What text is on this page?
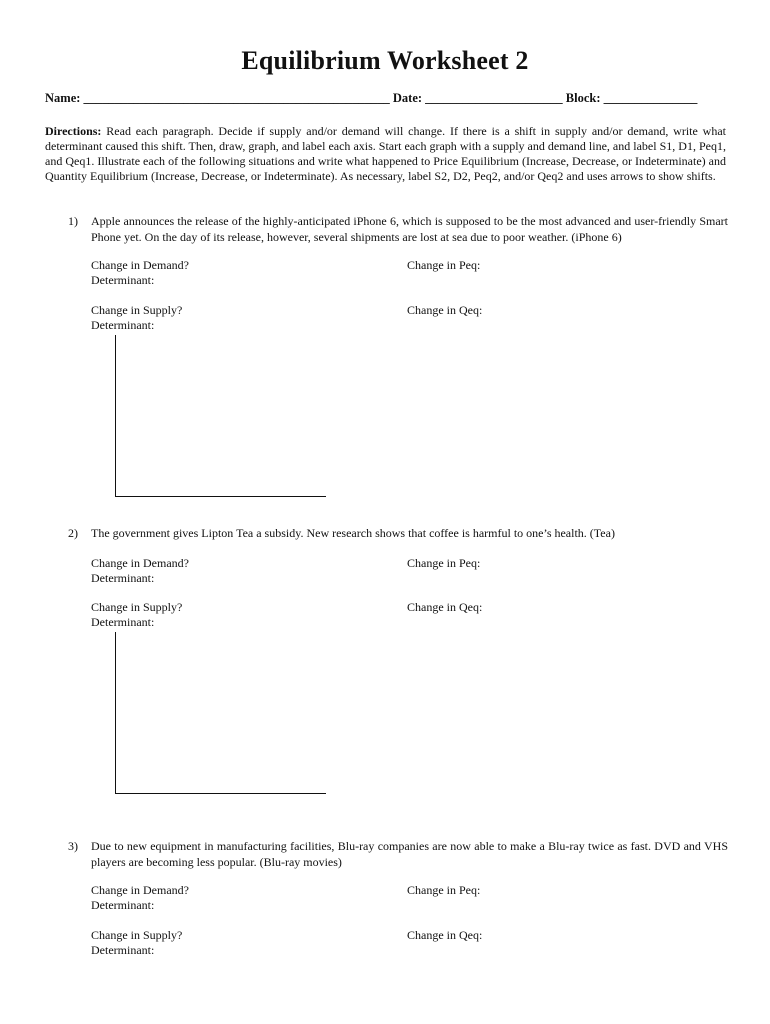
Equilibrium Worksheet 2
Name: _________________________________________________ Date: ______________________ Block: _______________
Directions: Read each paragraph. Decide if supply and/or demand will change. If there is a shift in supply and/or demand, write what determinant caused this shift. Then, draw, graph, and label each axis. Start each graph with a supply and demand line, and label S1, D1, Peq1, and Qeq1. Illustrate each of the following situations and write what happened to Price Equilibrium (Increase, Decrease, or Indeterminate) and Quantity Equilibrium (Increase, Decrease, or Indeterminate). As necessary, label S2, D2, Peq2, and/or Qeq2 and uses arrows to show shifts.
1) Apple announces the release of the highly-anticipated iPhone 6, which is supposed to be the most advanced and user-friendly Smart Phone yet. On the day of its release, however, several shipments are lost at sea due to poor weather. (iPhone 6)
Change in Demand?
Determinant:
Change in Peq:
Change in Supply?
Determinant:
Change in Qeq:
2) The government gives Lipton Tea a subsidy. New research shows that coffee is harmful to one’s health. (Tea)
Change in Demand?
Determinant:
Change in Peq:
Change in Supply?
Determinant:
Change in Qeq:
3) Due to new equipment in manufacturing facilities, Blu-ray companies are now able to make a Blu-ray twice as fast. DVD and VHS players are becoming less popular. (Blu-ray movies)
Change in Demand?
Determinant:
Change in Peq:
Change in Supply?
Determinant:
Change in Qeq:
